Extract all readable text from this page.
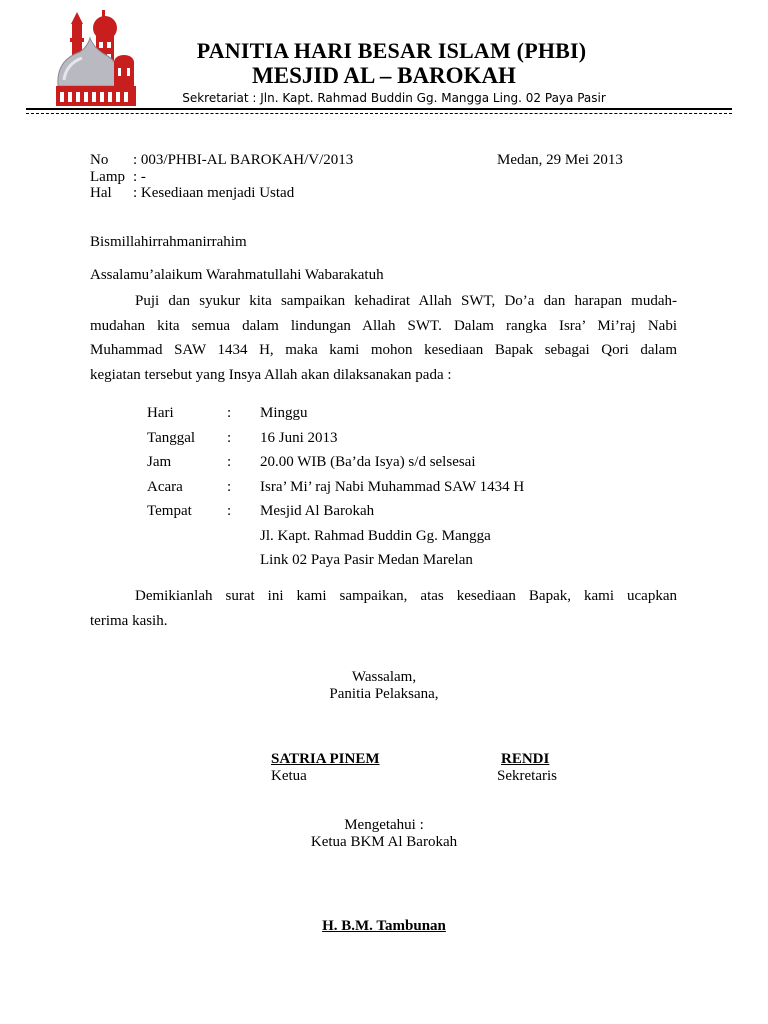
PANITIA HARI BESAR ISLAM (PHBI)
MESJID AL – BAROKAH
Sekretariat : Jln. Kapt. Rahmad Buddin Gg. Mangga Ling. 02 Paya Pasir
No : 003/PHBI-AL BAROKAH/V/2013	Medan, 29 Mei 2013
Lamp : -
Hal : Kesediaan menjadi Ustad
Bismillahirrahmanirrahim
Assalamu’alaikum Warahmatullahi Wabarakatuh
Puji dan syukur kita sampaikan kehadirat Allah SWT, Do’a dan harapan mudah-
mudahan kita semua dalam lindungan Allah SWT. Dalam rangka Isra’ Mi’raj Nabi
Muhammad SAW 1434 H, maka kami mohon kesediaan Bapak sebagai Qori dalam
kegiatan tersebut yang Insya Allah akan dilaksanakan pada :
Hari	: Minggu
Tanggal : 16 Juni 2013
Jam	: 20.00 WIB (Ba’da Isya) s/d selsesai
Acara	: Isra’ Mi’ raj Nabi Muhammad SAW 1434 H
Tempat : Mesjid Al Barokah
Jl. Kapt. Rahmad Buddin Gg. Mangga
Link 02 Paya Pasir Medan Marelan
Demikianlah surat ini kami sampaikan, atas kesediaan Bapak, kami ucapkan
terima kasih.
Wassalam,
Panitia Pelaksana,
SATRIA PINEM
Ketua
RENDI
Sekretaris
Mengetahui :
Ketua BKM Al Barokah
H. B.M. Tambunan
